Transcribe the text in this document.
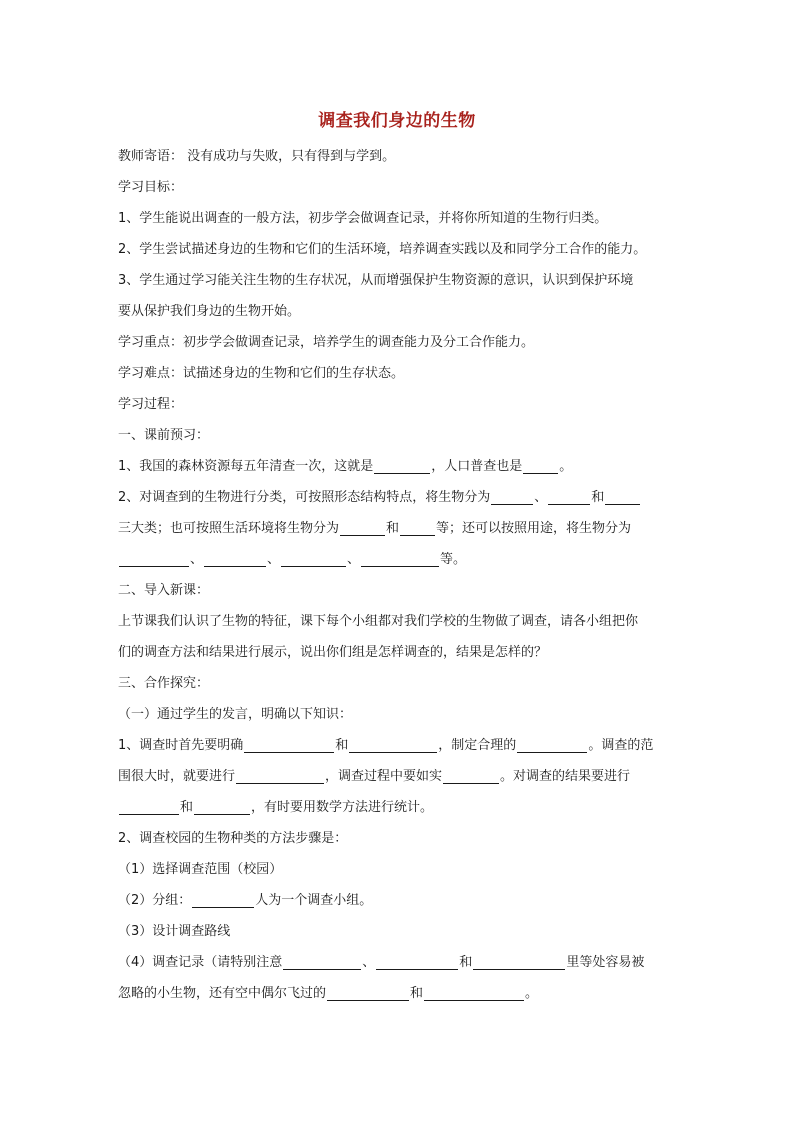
调查我们身边的生物
教师寄语： 没有成功与失败，只有得到与学到。
学习目标：
1、学生能说出调查的一般方法，初步学会做调查记录，并将你所知道的生物行归类。
2、学生尝试描述身边的生物和它们的生活环境，培养调查实践以及和同学分工合作的能力。
3、学生通过学习能关注生物的生存状况，从而增强保护生物资源的意识，认识到保护环境
要从保护我们身边的生物开始。
学习重点：初步学会做调查记录，培养学生的调查能力及分工合作能力。
学习难点：试描述身边的生物和它们的生存状态。
学习过程：
一、课前预习：
1、我国的森林资源每五年清查一次，这就是	，人口普查也是	。
2、对调查到的生物进行分类，可按照形态结构特点，将生物分为	、	和
三大类；也可按照生活环境将生物分为	和	等；还可以按照用途，将生物分为
、	、	、	等。
二、导入新课：
上节课我们认识了生物的特征，课下每个小组都对我们学校的生物做了调查，请各小组把你
们的调查方法和结果进行展示，说出你们组是怎样调查的，结果是怎样的？
三、合作探究：
（一）通过学生的发言，明确以下知识：
1、调查时首先要明确	和	，制定合理的	。调查的范
围很大时，就要进行	，调查过程中要如实	。对调查的结果要进行
和	，有时要用数学方法进行统计。
2、调查校园的生物种类的方法步骤是：
（1）选择调查范围（校园）
（2）分组：	人为一个调查小组。
（3）设计调查路线
（4）调查记录（请特别注意	、	和	里等处容易被
忽略的小生物，还有空中偶尔飞过的	和	。
